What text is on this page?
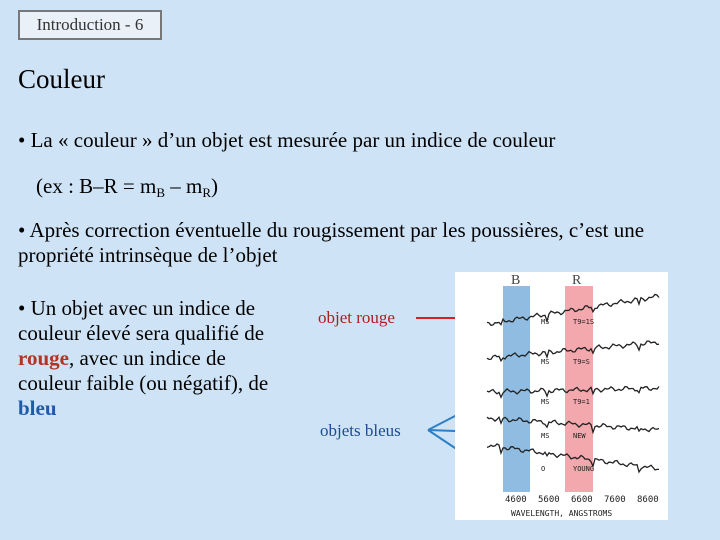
Introduction - 6
Couleur

• La « couleur » d’un objet est mesurée par un indice de couleur

(ex : $B-R = m_B - m_R$)

• Après correction éventuelle du rougissement par les poussières, c’est une propriété intrinsèque de l’objet

• Un objet avec un indice de couleur élevé sera qualifié de rouge, avec un indice de couleur faible (ou négatif), de bleu

objet rouge
objets bleus
B	R
MS	T9=1S
MS	T9=S
MS	T9=1
MS	NEW
O	YOUNG
4600 5600 6600 7600 8600
WAVELENGTH, ANGSTROMS
